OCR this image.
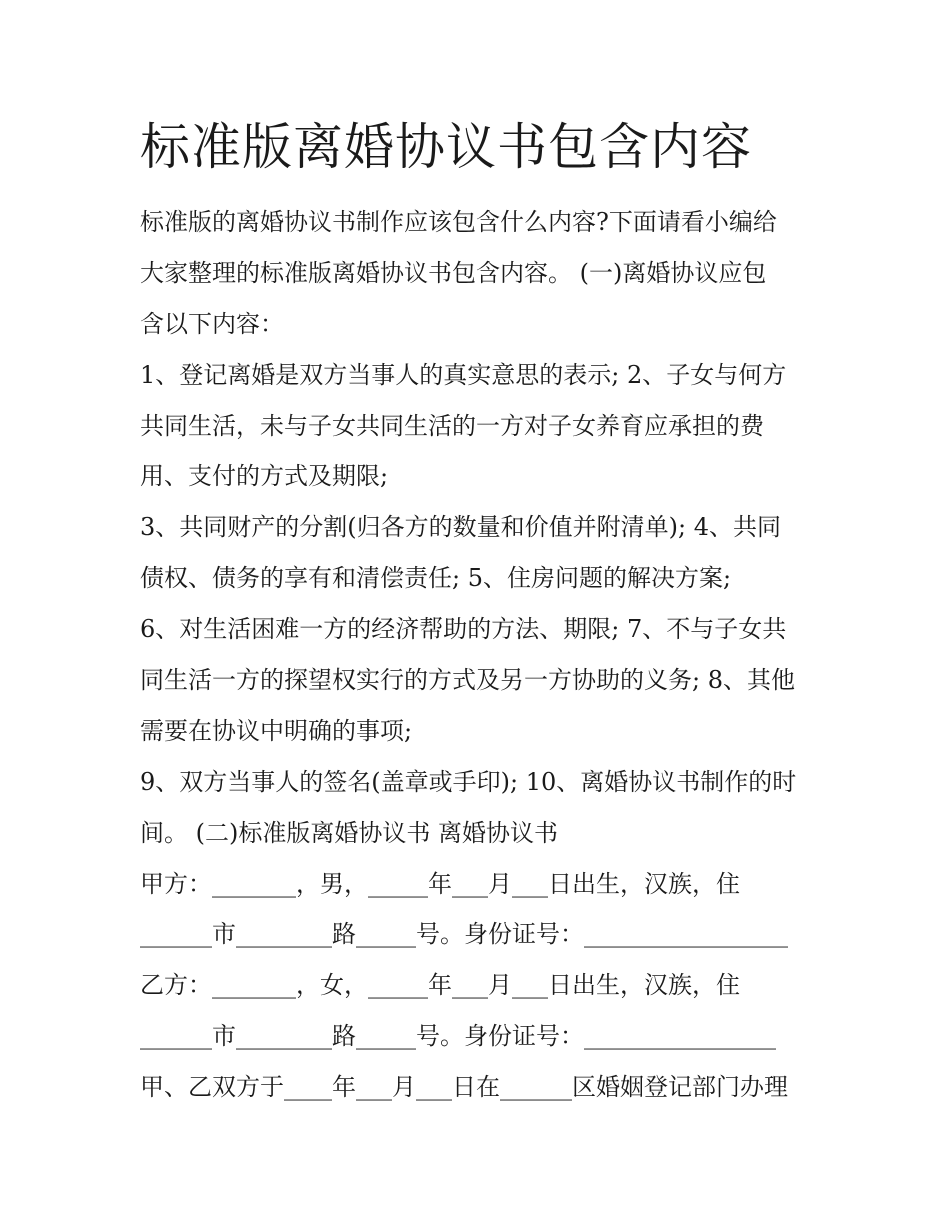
标准版离婚协议书包含内容
标准版的离婚协议书制作应该包含什么内容?下面请看小编给
大家整理的标准版离婚协议书包含内容。 (一)离婚协议应包
含以下内容：
1、登记离婚是双方当事人的真实意思的表示; 2、子女与何方
共同生活，未与子女共同生活的一方对子女养育应承担的费
用、支付的方式及期限;
3、共同财产的分割(归各方的数量和价值并附清单); 4、共同
债权、债务的享有和清偿责任; 5、住房问题的解决方案;
6、对生活困难一方的经济帮助的方法、期限; 7、不与子女共
同生活一方的探望权实行的方式及另一方协助的义务; 8、其他
需要在协议中明确的事项;
9、双方当事人的签名(盖章或手印); 10、离婚协议书制作的时
间。 (二)标准版离婚协议书 离婚协议书
甲方：_______，男，_____年___月___日出生，汉族，住
______市________路_____号。身份证号：_________________
乙方：_______，女，_____年___月___日出生，汉族，住
______市________路_____号。身份证号：________________
甲、乙双方于____年___月___日在______区婚姻登记部门办理
